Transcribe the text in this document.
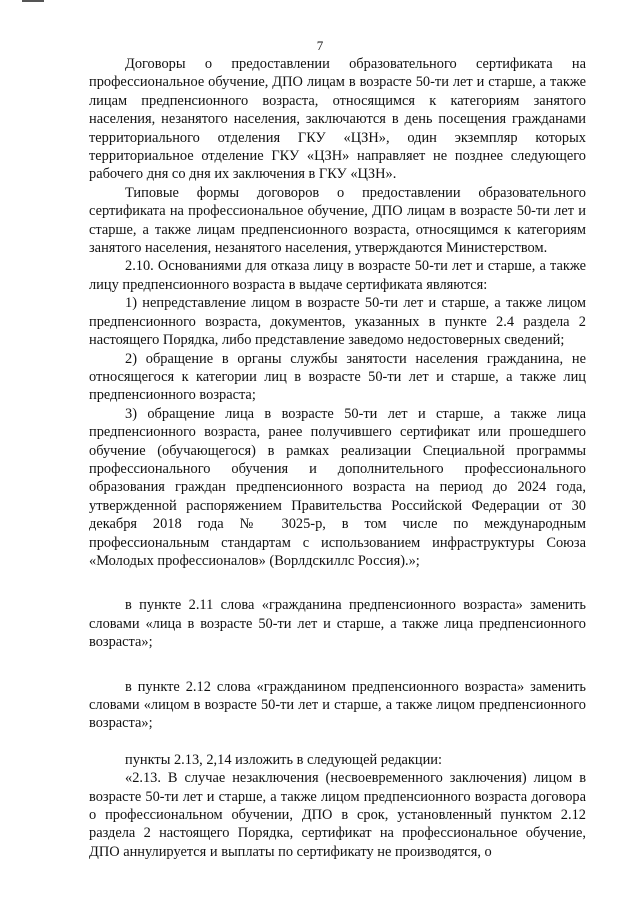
7

Договоры о предоставлении образовательного сертификата на профессиональное обучение, ДПО лицам в возрасте 50-ти лет и старше, а также лицам предпенсионного возраста, относящимся к категориям занятого населения, незанятого населения, заключаются в день посещения гражданами территориального отделения ГКУ «ЦЗН», один экземпляр которых территориальное отделение ГКУ «ЦЗН» направляет не позднее следующего рабочего дня со дня их заключения в ГКУ «ЦЗН».

Типовые формы договоров о предоставлении образовательного сертификата на профессиональное обучение, ДПО лицам в возрасте 50-ти лет и старше, а также лицам предпенсионного возраста, относящимся к категориям занятого населения, незанятого населения, утверждаются Министерством.

2.10. Основаниями для отказа лицу в возрасте 50-ти лет и старше, а также лицу предпенсионного возраста в выдаче сертификата являются:

1) непредставление лицом в возрасте 50-ти лет и старше, а также лицом предпенсионного возраста, документов, указанных в пункте 2.4 раздела 2 настоящего Порядка, либо представление заведомо недостоверных сведений;

2) обращение в органы службы занятости населения гражданина, не относящегося к категории лиц в возрасте 50-ти лет и старше, а также лиц предпенсионного возраста;

3) обращение лица в возрасте 50-ти лет и старше, а также лица предпенсионного возраста, ранее получившего сертификат или прошедшего обучение (обучающегося) в рамках реализации Специальной программы профессионального обучения и дополнительного профессионального образования граждан предпенсионного возраста на период до 2024 года, утвержденной распоряжением Правительства Российской Федерации от 30 декабря 2018 года № 3025-р, в том числе по международным профессиональным стандартам с использованием инфраструктуры Союза «Молодых профессионалов» (Ворлдскиллс Россия).»;

в пункте 2.11 слова «гражданина предпенсионного возраста» заменить словами «лица в возрасте 50-ти лет и старше, а также лица предпенсионного возраста»;

в пункте 2.12 слова «гражданином предпенсионного возраста» заменить словами «лицом в возрасте 50-ти лет и старше, а также лицом предпенсионного возраста»;

пункты 2.13, 2,14 изложить в следующей редакции:

«2.13. В случае незаключения (несвоевременного заключения) лицом в возрасте 50-ти лет и старше, а также лицом предпенсионного возраста договора о профессиональном обучении, ДПО в срок, установленный пунктом 2.12 раздела 2 настоящего Порядка, сертификат на профессиональное обучение, ДПО аннулируется и выплаты по сертификату не производятся, о
